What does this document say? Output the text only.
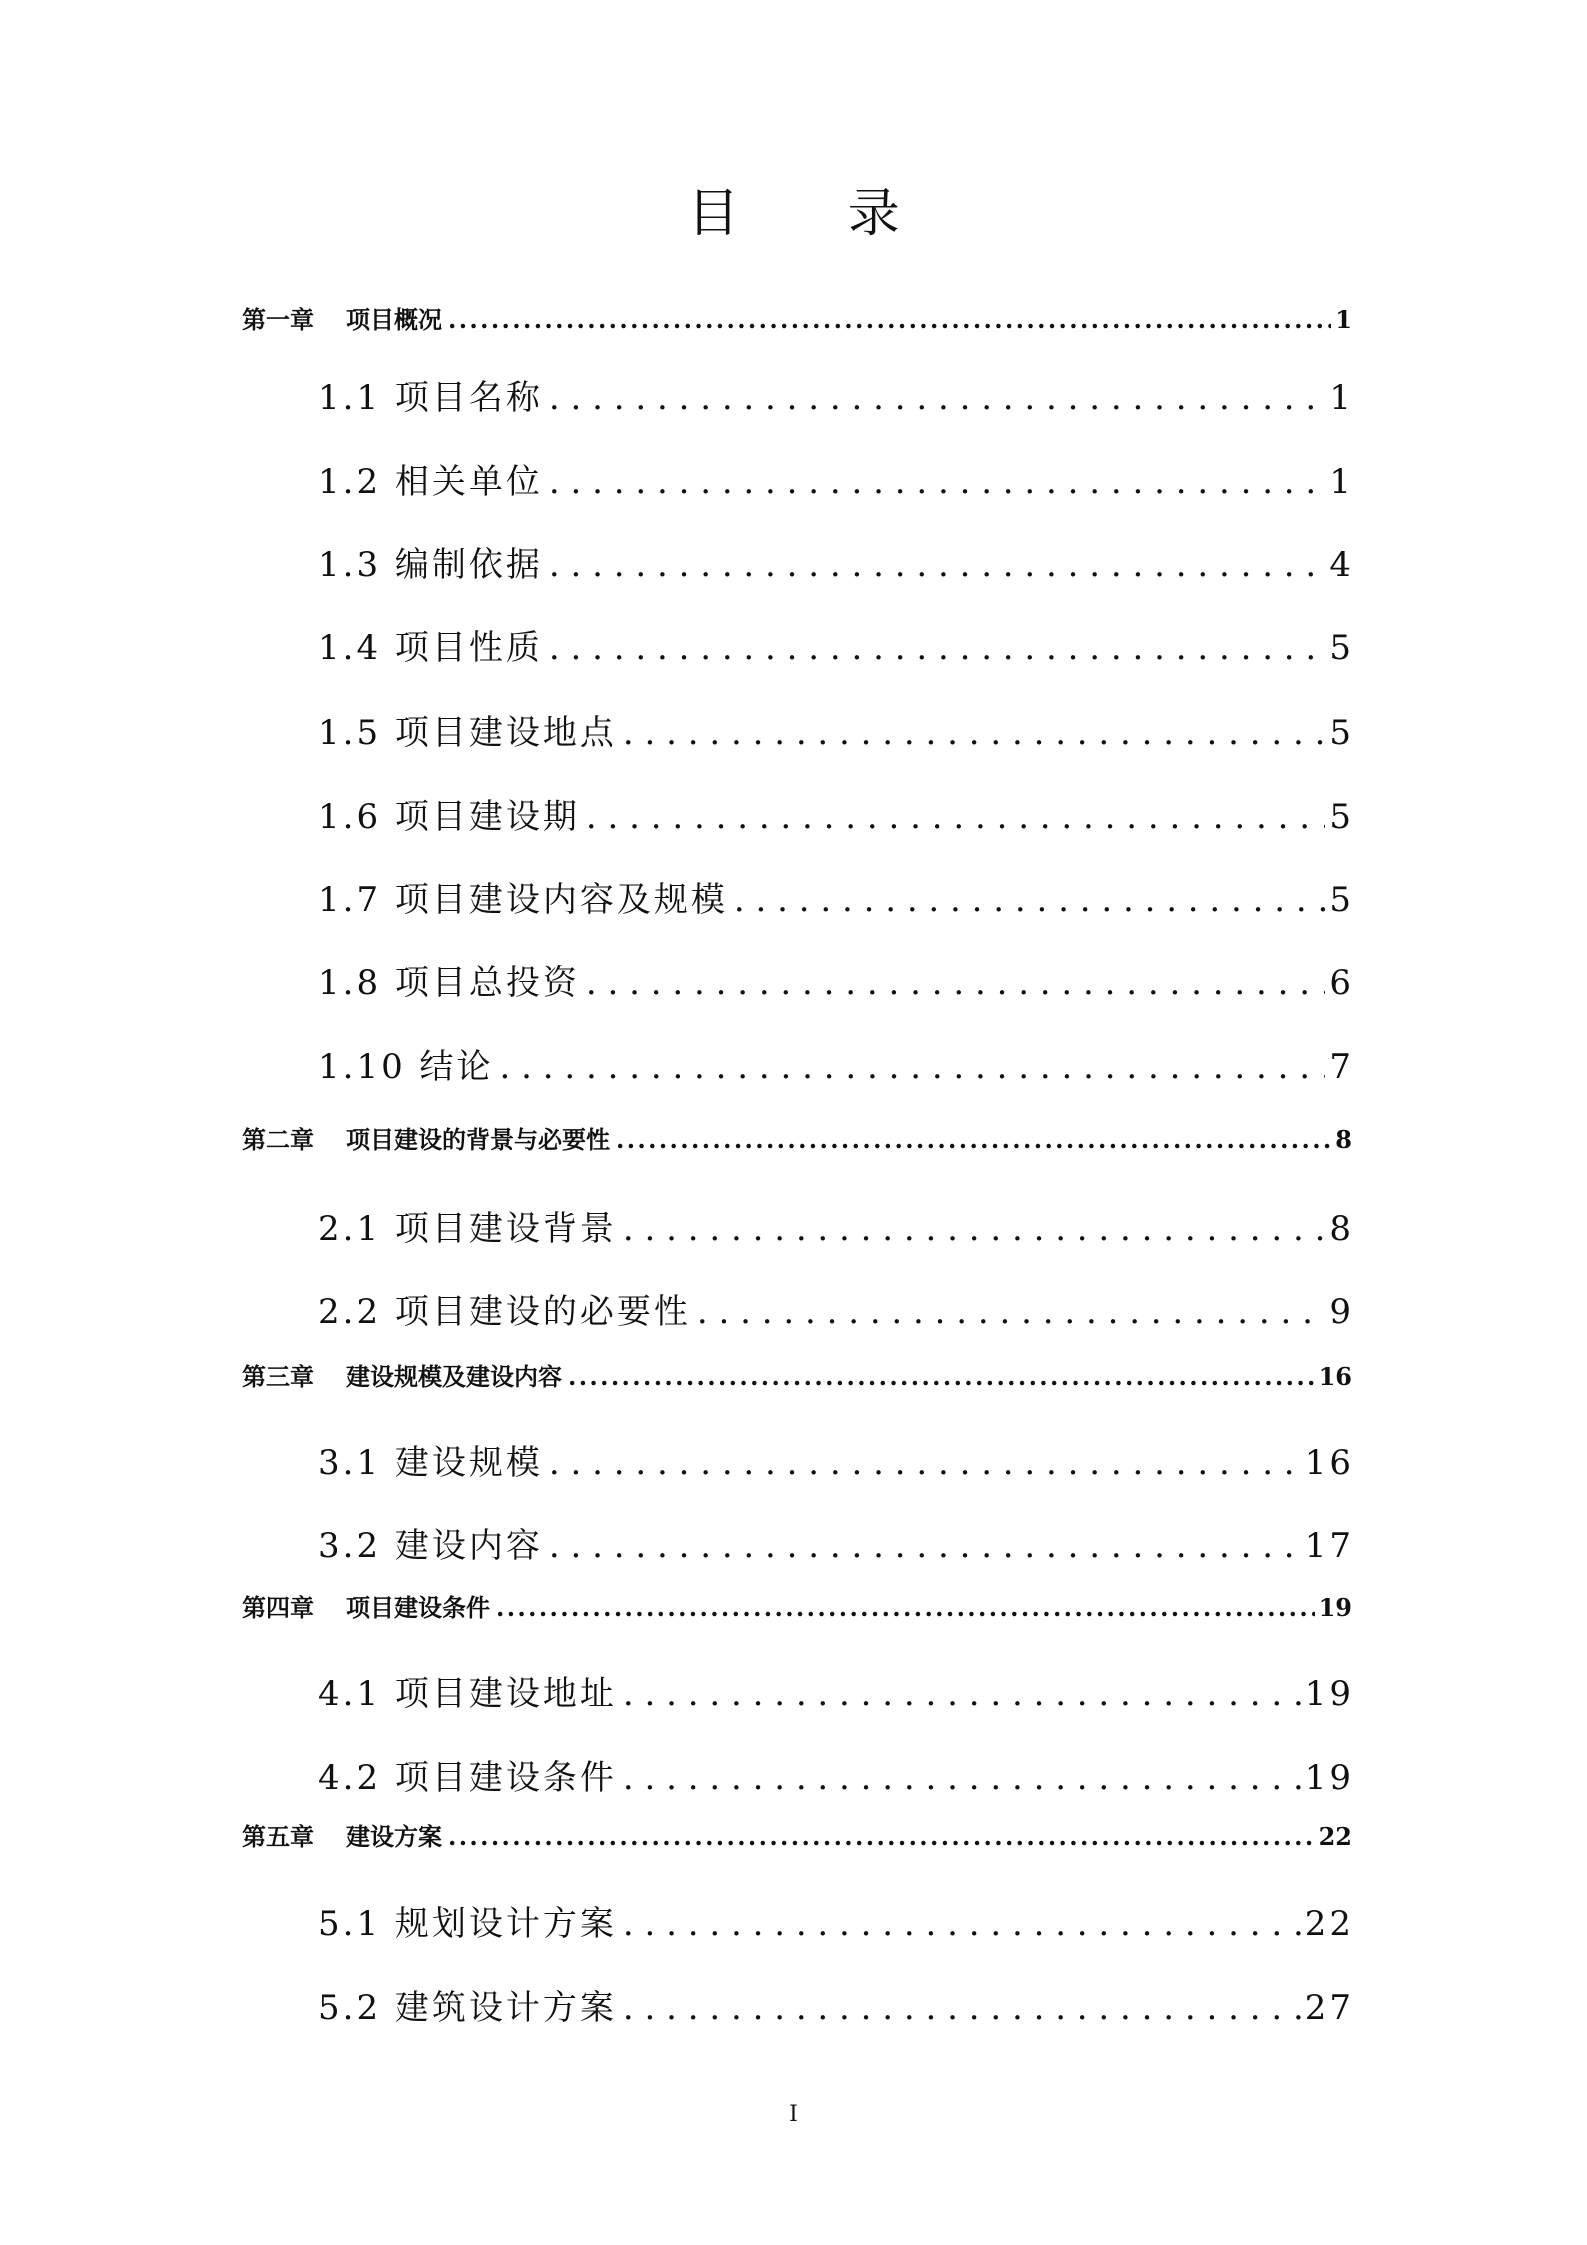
目 录
第一章 项目概况 . . .	1
1.1 项目名称 . . .	1
1.2 相关单位 . . .	1
1.3 编制依据 . . .	4
1.4 项目性质 . . .	5
1.5 项目建设地点 . . .	5
1.6 项目建设期 . . .	5
1.7 项目建设内容及规模 . . .	5
1.8 项目总投资 . . .	6
1.10 结论 . . .	7
第二章 项目建设的背景与必要性 . . .	8
2.1 项目建设背景 . . .	8
2.2 项目建设的必要性 . . .	9
第三章 建设规模及建设内容 . . .	16
3.1 建设规模 . . .	16
3.2 建设内容 . . .	17
第四章 项目建设条件 . . .	19
4.1 项目建设地址 . . .	19
4.2 项目建设条件 . . .	19
第五章 建设方案 . . .	22
5.1 规划设计方案 . . .	22
5.2 建筑设计方案 . . .	27
I
